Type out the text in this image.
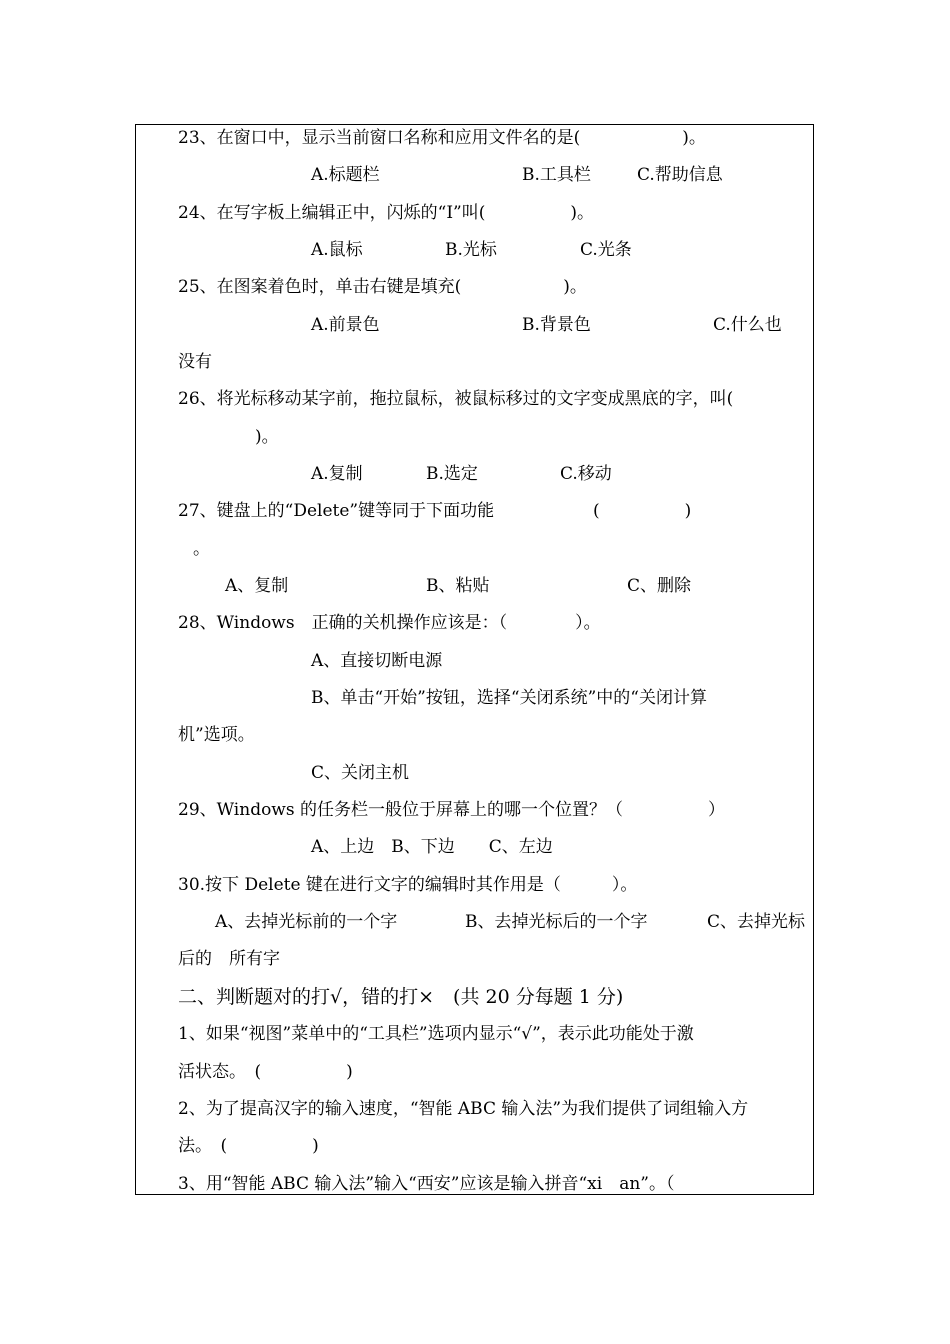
23、在窗口中，显示当前窗口名称和应用文件名的是(　　　　　　)。
A.标题栏	B.工具栏	C.帮助信息
24、在写字板上编辑正中，闪烁的“I”叫(　　　　　)。
A.鼠标	B.光标	C.光条
25、在图案着色时，单击右键是填充(　　　　　　)。
A.前景色	B.背景色	C.什么也
没有
26、将光标移动某字前，拖拉鼠标，被鼠标移过的文字变成黑底的字，叫(
)。
A.复制	B.选定	C.移动
27、键盘上的“Delete”键等同于下面功能	(　　　　　)
。
A、复制	B、粘贴	C、删除
28、Windows　正确的关机操作应该是：（　　　　）。
A、直接切断电源
B、单击“开始”按钮，选择“关闭系统”中的“关闭计算
机”选项。
C、关闭主机
29、Windows 的任务栏一般位于屏幕上的哪一个位置？（　　　　　）
A、上边　B、下边　　C、左边
30.按下 Delete 键在进行文字的编辑时其作用是（　　　）。
A、去掉光标前的一个字	B、去掉光标后的一个字	C、去掉光标
后的　所有字
二、判断题对的打√，错的打×　(共 20 分每题 1 分)
1、如果“视图”菜单中的“工具栏”选项内显示“√”，表示此功能处于激
活状态。　(　　　　　)
2、为了提高汉字的输入速度，“智能 ABC 输入法”为我们提供了词组输入方
法。　(　　　　　)
3、用“智能 ABC 输入法”输入“西安”应该是输入拼音“xi　an”。（
